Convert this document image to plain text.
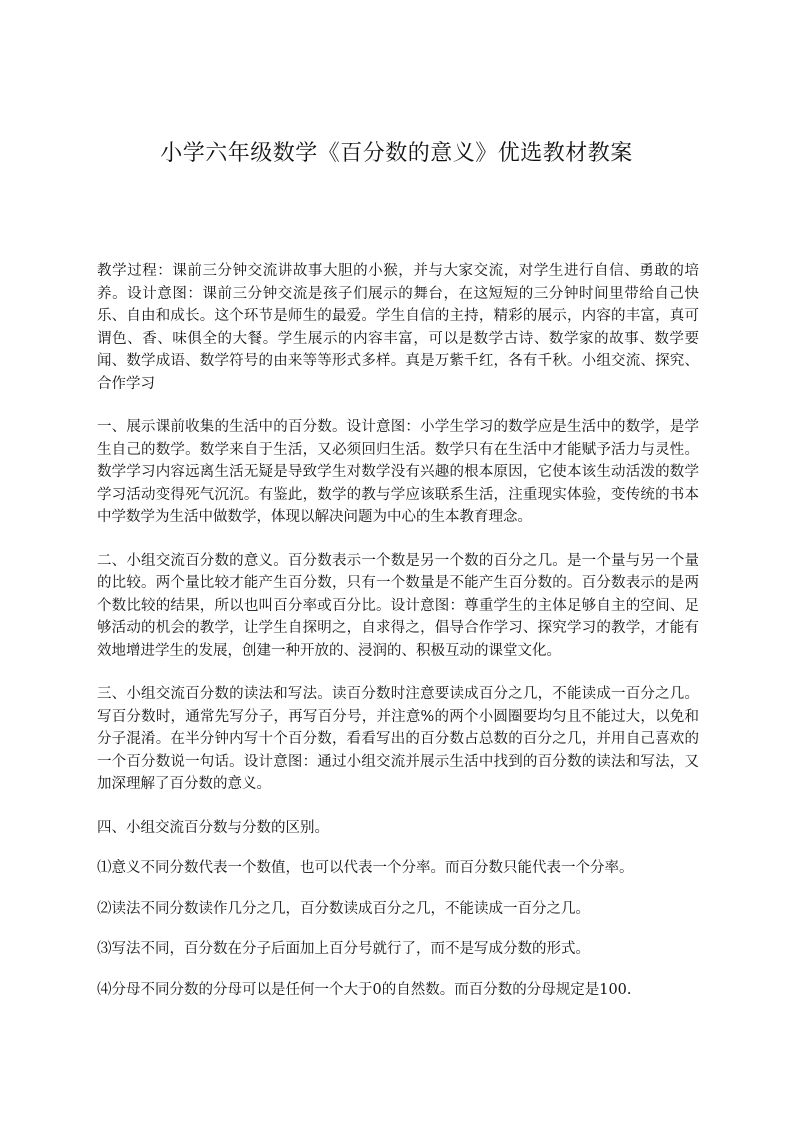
小学六年级数学《百分数的意义》优选教材教案

教学过程：课前三分钟交流讲故事大胆的小猴，并与大家交流，对学生进行自信、勇敢的培养。设计意图：课前三分钟交流是孩子们展示的舞台，在这短短的三分钟时间里带给自己快乐、自由和成长。这个环节是师生的最爱。学生自信的主持，精彩的展示，内容的丰富，真可谓色、香、味俱全的大餐。学生展示的内容丰富，可以是数学古诗、数学家的故事、数学要闻、数学成语、数学符号的由来等等形式多样。真是万紫千红，各有千秋。小组交流、探究、合作学习

一、展示课前收集的生活中的百分数。设计意图：小学生学习的数学应是生活中的数学，是学生自己的数学。数学来自于生活，又必须回归生活。数学只有在生活中才能赋予活力与灵性。数学学习内容远离生活无疑是导致学生对数学没有兴趣的根本原因，它使本该生动活泼的数学学习活动变得死气沉沉。有鉴此，数学的教与学应该联系生活，注重现实体验，变传统的书本中学数学为生活中做数学，体现以解决问题为中心的生本教育理念。

二、小组交流百分数的意义。百分数表示一个数是另一个数的百分之几。是一个量与另一个量的比较。两个量比较才能产生百分数，只有一个数量是不能产生百分数的。百分数表示的是两个数比较的结果，所以也叫百分率或百分比。设计意图：尊重学生的主体足够自主的空间、足够活动的机会的教学，让学生自探明之，自求得之，倡导合作学习、探究学习的教学，才能有效地增进学生的发展，创建一种开放的、浸润的、积极互动的课堂文化。

三、小组交流百分数的读法和写法。读百分数时注意要读成百分之几，不能读成一百分之几。写百分数时，通常先写分子，再写百分号，并注意%的两个小圆圈要均匀且不能过大，以免和分子混淆。在半分钟内写十个百分数，看看写出的百分数占总数的百分之几，并用自己喜欢的一个百分数说一句话。设计意图：通过小组交流并展示生活中找到的百分数的读法和写法，又加深理解了百分数的意义。

四、小组交流百分数与分数的区别。

⑴意义不同分数代表一个数值，也可以代表一个分率。而百分数只能代表一个分率。

⑵读法不同分数读作几分之几，百分数读成百分之几，不能读成一百分之几。

⑶写法不同，百分数在分子后面加上百分号就行了，而不是写成分数的形式。

⑷分母不同分数的分母可以是任何一个大于0的自然数。而百分数的分母规定是100.
